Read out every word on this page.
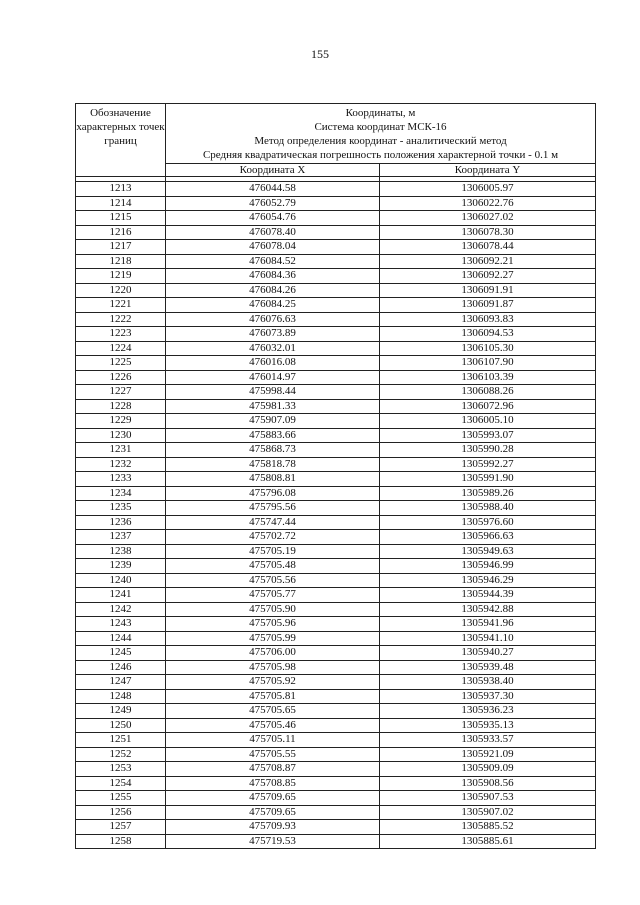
155
Обозначение характерных точек границ	Координаты, м
Система координат МСК-16
Метод определения координат - аналитический метод
Средняя квадратическая погрешность положения характерной точки - 0.1 м	

	Координата X	Координата Y

1213	476044.58	1306005.97
1214	476052.79	1306022.76
1215	476054.76	1306027.02
1216	476078.40	1306078.30
1217	476078.04	1306078.44
1218	476084.52	1306092.21
1219	476084.36	1306092.27
1220	476084.26	1306091.91
1221	476084.25	1306091.87
1222	476076.63	1306093.83
1223	476073.89	1306094.53
1224	476032.01	1306105.30
1225	476016.08	1306107.90
1226	476014.97	1306103.39
1227	475998.44	1306088.26
1228	475981.33	1306072.96
1229	475907.09	1306005.10
1230	475883.66	1305993.07
1231	475868.73	1305990.28
1232	475818.78	1305992.27
1233	475808.81	1305991.90
1234	475796.08	1305989.26
1235	475795.56	1305988.40
1236	475747.44	1305976.60
1237	475702.72	1305966.63
1238	475705.19	1305949.63
1239	475705.48	1305946.99
1240	475705.56	1305946.29
1241	475705.77	1305944.39
1242	475705.90	1305942.88
1243	475705.96	1305941.96
1244	475705.99	1305941.10
1245	475706.00	1305940.27
1246	475705.98	1305939.48
1247	475705.92	1305938.40
1248	475705.81	1305937.30
1249	475705.65	1305936.23
1250	475705.46	1305935.13
1251	475705.11	1305933.57
1252	475705.55	1305921.09
1253	475708.87	1305909.09
1254	475708.85	1305908.56
1255	475709.65	1305907.53
1256	475709.65	1305907.02
1257	475709.93	1305885.52
1258	475719.53	1305885.61
